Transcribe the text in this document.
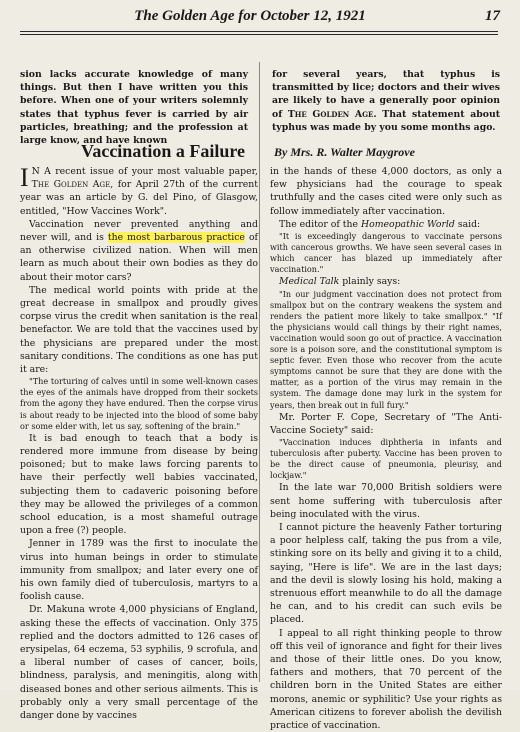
The Golden Age for October 12, 1921	17

sion lacks accurate knowledge of many things. But then I have written you this before. When one of your writers solemnly states that typhus fever is carried by air particles, breathing; and the profession at large know, and have known

for several years, that typhus is transmitted by lice; doctors and their wives are likely to have a generally poor opinion of The Golden Age. That statement about typhus was made by you some months ago.

Vaccination a Failure	By Mrs. R. Walter Maygrove

I N A recent issue of your most valuable paper, The Golden Age, for April 27th of the current year was an article by G. del Pino, of Glasgow, entitled, "How Vaccines Work".

Vaccination never prevented anything and never will, and is the most barbarous practice of an otherwise civilized nation. When will men learn as much about their own bodies as they do about their motor cars?

The medical world points with pride at the great decrease in smallpox and proudly gives corpse virus the credit when sanitation is the real benefactor. We are told that the vaccines used by the physicians are prepared under the most sanitary conditions. The conditions as one has put it are:

"The torturing of calves until in some well-known cases the eyes of the animals have dropped from their sockets from the agony they have endured. Then the corpse virus is about ready to be injected into the blood of some baby or some elder with, let us say, softening of the brain."

It is bad enough to teach that a body is rendered more immune from disease by being poisoned; but to make laws forcing parents to have their perfectly well babies vaccinated, subjecting them to cadaveric poisoning before they may be allowed the privileges of a common school education, is a most shameful outrage upon a free (?) people.

Jenner in 1789 was the first to inoculate the virus into human beings in order to stimulate immunity from smallpox; and later every one of his own family died of tuberculosis, martyrs to a foolish cause.

Dr. Makuna wrote 4,000 physicians of England, asking these the effects of vaccination. Only 375 replied and the doctors admitted to 126 cases of erysipelas, 64 eczema, 53 syphilis, 9 scrofula, and a liberal number of cases of cancer, boils, blindness, paralysis, and meningitis, along with diseased bones and other serious ailments. This is probably only a very small percentage of the danger done by vaccines

in the hands of these 4,000 doctors, as only a few physicians had the courage to speak truthfully and the cases cited were only such as follow immediately after vaccination.

The editor of the Homeopathic World said:

"It is exceedingly dangerous to vaccinate persons with cancerous growths. We have seen several cases in which cancer has blazed up immediately after vaccination."

Medical Talk plainly says:

"In our judgment vaccination does not protect from smallpox but on the contrary weakens the system and renders the patient more likely to take smallpox." "If the physicians would call things by their right names, vaccination would soon go out of practice. A vaccination sore is a poison sore, and the constitutional symptom is septic fever. Even those who recover from the acute symptoms cannot be sure that they are done with the matter, as a portion of the virus may remain in the system. The damage done may lurk in the system for years, then break out in full fury."

Mr. Porter F. Cope, Secretary of "The Anti-Vaccine Society" said:

"Vaccination induces diphtheria in infants and tuberculosis after puberty. Vaccine has been proven to be the direct cause of pneumonia, pleurisy, and lockjaw."

In the late war 70,000 British soldiers were sent home suffering with tuberculosis after being inoculated with the virus.

I cannot picture the heavenly Father torturing a poor helpless calf, taking the pus from a vile, stinking sore on its belly and giving it to a child, saying, "Here is life". We are in the last days; and the devil is slowly losing his hold, making a strenuous effort meanwhile to do all the damage he can, and to his credit can such evils be placed.

I appeal to all right thinking people to throw off this veil of ignorance and fight for their lives and those of their little ones. Do you know, fathers and mothers, that 70 percent of the children born in the United States are either morons, anemic or syphilitic? Use your rights as American citizens to forever abolish the devilish practice of vaccination.
